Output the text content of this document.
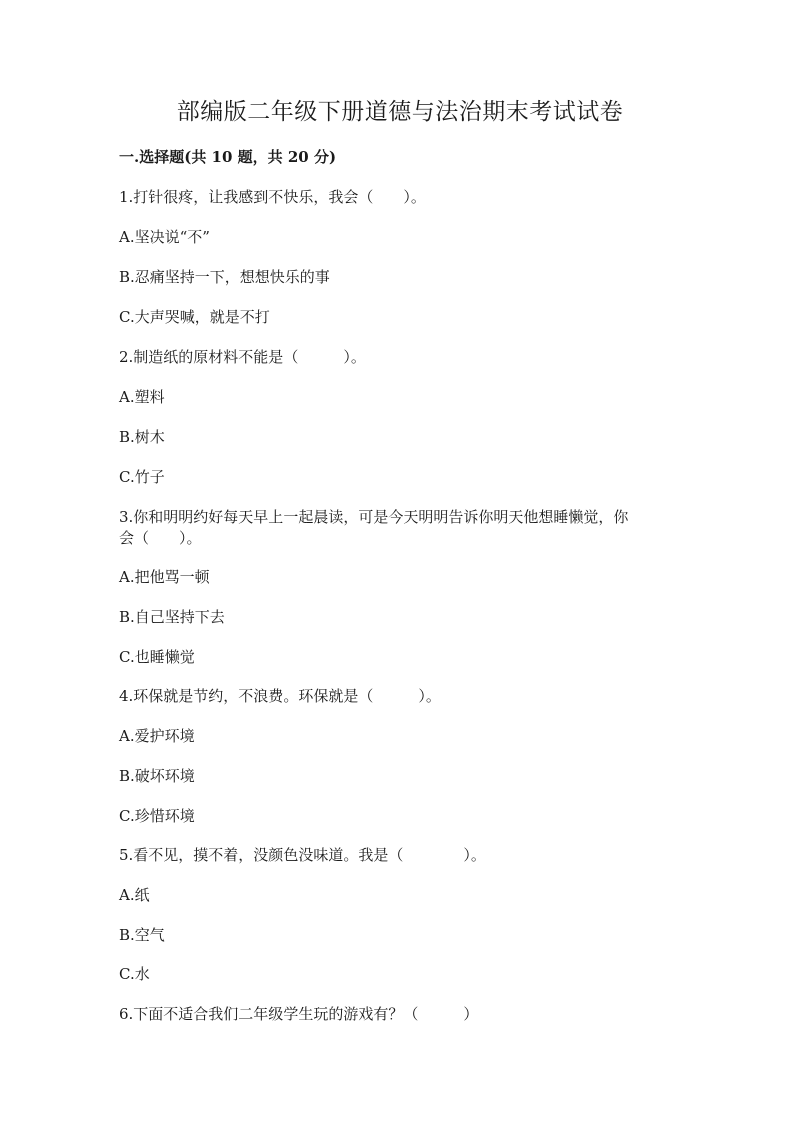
部编版二年级下册道德与法治期末考试试卷
一.选择题(共 10 题，共 20 分)
1.打针很疼，让我感到不快乐，我会（　　）。
A.坚决说“不”
B.忍痛坚持一下，想想快乐的事
C.大声哭喊，就是不打
2.制造纸的原材料不能是（　　　）。
A.塑料
B.树木
C.竹子
3.你和明明约好每天早上一起晨读，可是今天明明告诉你明天他想睡懒觉，你
会（　　）。
A.把他骂一顿
B.自己坚持下去
C.也睡懒觉
4.环保就是节约，不浪费。环保就是（　　　）。
A.爱护环境
B.破坏环境
C.珍惜环境
5.看不见，摸不着，没颜色没味道。我是（　　　　）。
A.纸
B.空气
C.水
6.下面不适合我们二年级学生玩的游戏有？（　　　）
